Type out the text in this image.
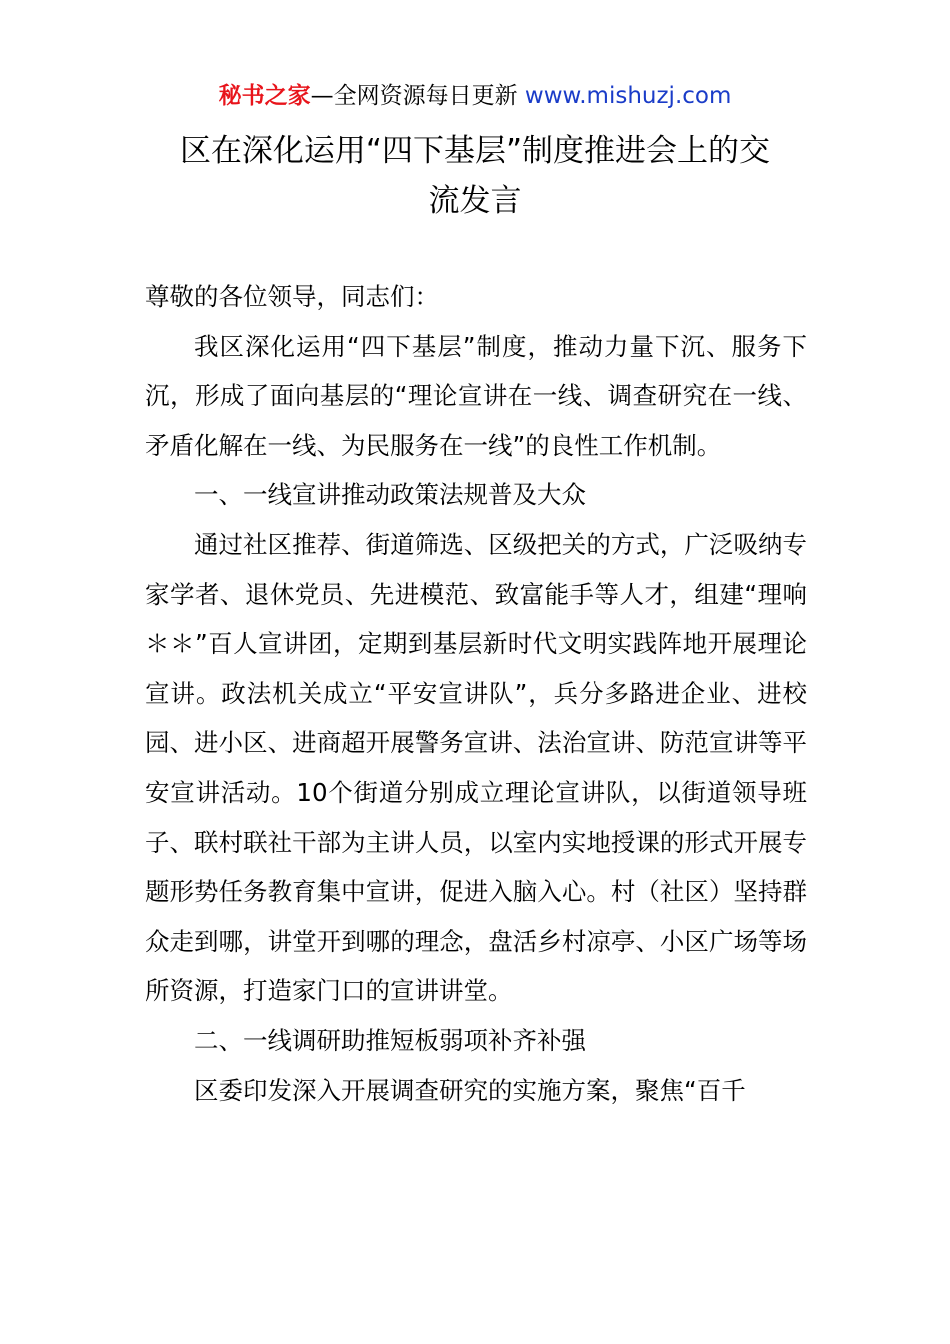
秘书之家—全网资源每日更新 www.mishuzj.com
区在深化运用“四下基层”制度推进会上的交
流发言

尊敬的各位领导，同志们：

我区深化运用“四下基层”制度，推动力量下沉、服务下沉，形成了面向基层的“理论宣讲在一线、调查研究在一线、矛盾化解在一线、为民服务在一线”的良性工作机制。

一、一线宣讲推动政策法规普及大众

通过社区推荐、街道筛选、区级把关的方式，广泛吸纳专家学者、退休党员、先进模范、致富能手等人才，组建“理响＊＊”百人宣讲团，定期到基层新时代文明实践阵地开展理论宣讲。政法机关成立“平安宣讲队”，兵分多路进企业、进校园、进小区、进商超开展警务宣讲、法治宣讲、防范宣讲等平安宣讲活动。10个街道分别成立理论宣讲队，以街道领导班子、联村联社干部为主讲人员，以室内实地授课的形式开展专题形势任务教育集中宣讲，促进入脑入心。村（社区）坚持群众走到哪，讲堂开到哪的理念，盘活乡村凉亭、小区广场等场所资源，打造家门口的宣讲讲堂。

二、一线调研助推短板弱项补齐补强

区委印发深入开展调查研究的实施方案，聚焦“百千
